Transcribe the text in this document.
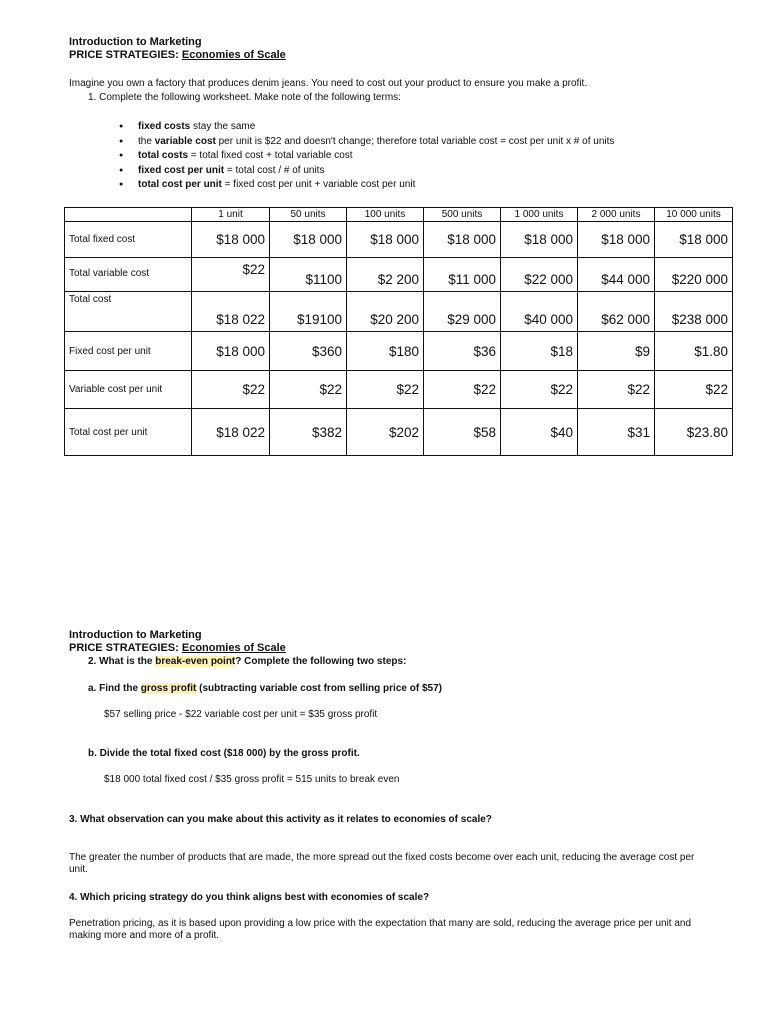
Introduction to Marketing
PRICE STRATEGIES: Economies of Scale
Imagine you own a factory that produces denim jeans. You need to cost out your product to ensure you make a profit.
1. Complete the following worksheet. Make note of the following terms:
● fixed costs stay the same
● the variable cost per unit is $22 and doesn't change; therefore total variable cost = cost per unit x # of units
● total costs = total fixed cost + total variable cost
● fixed cost per unit = total cost / # of units
● total cost per unit = fixed cost per unit + variable cost per unit
	1 unit	50 units	100 units	500 units	1 000 units	2 000 units	10 000 units
Total fixed cost	$18 000	$18 000	$18 000	$18 000	$18 000	$18 000	$18 000
Total variable cost	$22	$1100	$2 200	$11 000	$22 000	$44 000	$220 000
Total cost	$18 022	$19100	$20 200	$29 000	$40 000	$62 000	$238 000
Fixed cost per unit	$18 000	$360	$180	$36	$18	$9	$1.80
Variable cost per unit	$22	$22	$22	$22	$22	$22	$22
Total cost per unit	$18 022	$382	$202	$58	$40	$31	$23.80
Introduction to Marketing
PRICE STRATEGIES: Economies of Scale
2. What is the break-even point? Complete the following two steps:
a. Find the gross profit (subtracting variable cost from selling price of $57)
$57 selling price - $22 variable cost per unit = $35 gross profit
b. Divide the total fixed cost ($18 000) by the gross profit.
$18 000 total fixed cost / $35 gross profit = 515 units to break even
3. What observation can you make about this activity as it relates to economies of scale?
The greater the number of products that are made, the more spread out the fixed costs become over each unit, reducing the average cost per unit.
4. Which pricing strategy do you think aligns best with economies of scale?
Penetration pricing, as it is based upon providing a low price with the expectation that many are sold, reducing the average price per unit and making more and more of a profit.
